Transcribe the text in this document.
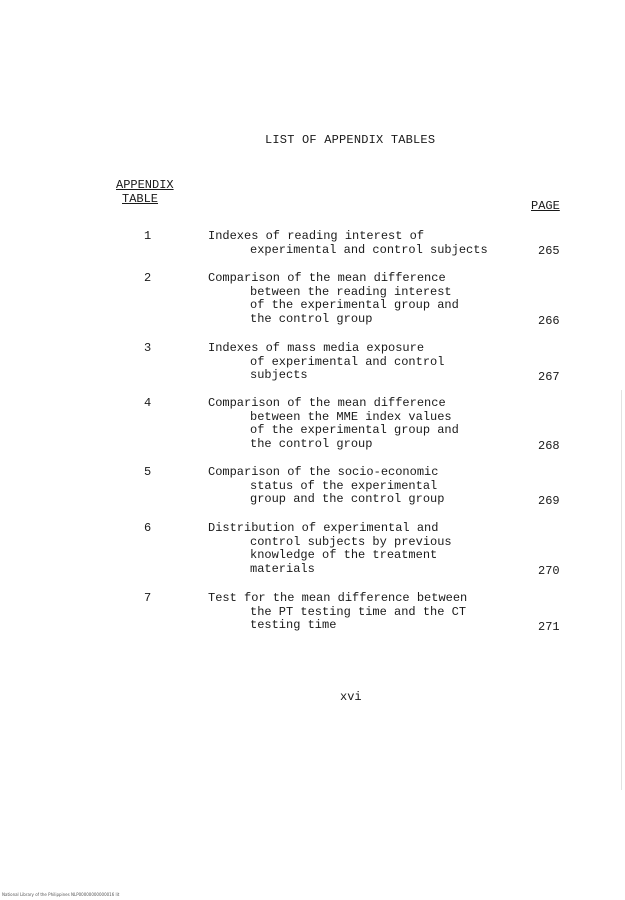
LIST OF APPENDIX TABLES
APPENDIX
TABLE	PAGE
1	Indexes of reading interest of
experimental and control subjects	265
2	Comparison of the mean difference
between the reading interest
of the experimental group and
the control group	266
3	Indexes of mass media exposure
of experimental and control
subjects	267
4	Comparison of the mean difference
between the MME index values
of the experimental group and
the control group	268
5	Comparison of the socio-economic
status of the experimental
group and the control group	269
6	Distribution of experimental and
control subjects by previous
knowledge of the treatment
materials	270
7	Test for the mean difference between
the PT testing time and the CT
testing time	271
xvi
National Library of the Philippines NLP00000000000016 lit
